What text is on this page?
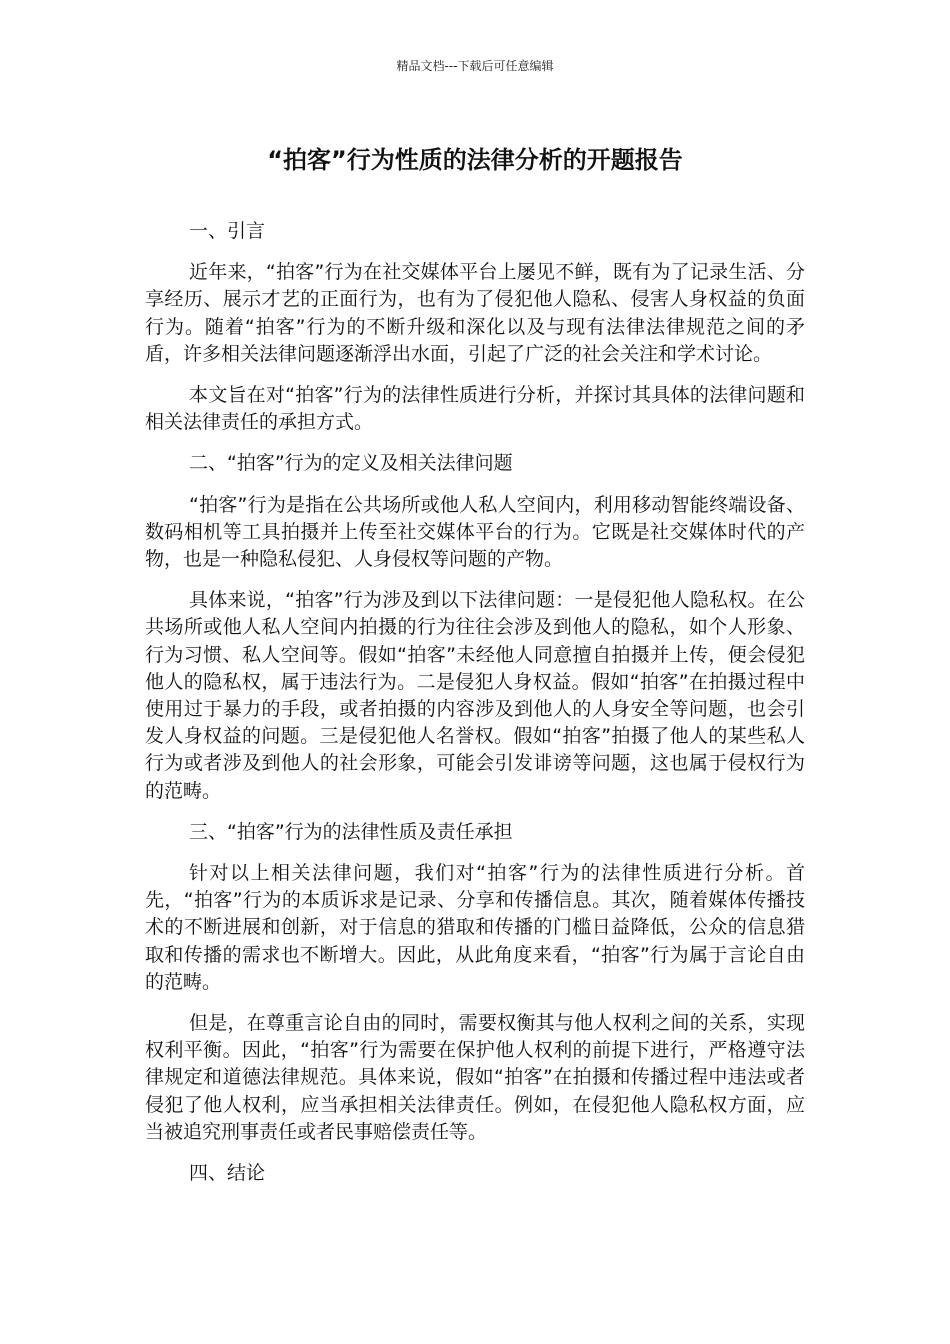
精品文档---下载后可任意编辑
“拍客”行为性质的法律分析的开题报告

一、引言

近年来，“拍客”行为在社交媒体平台上屡见不鲜，既有为了记录生活、分享经历、展示才艺的正面行为，也有为了侵犯他人隐私、侵害人身权益的负面行为。随着“拍客”行为的不断升级和深化以及与现有法律法律规范之间的矛盾，许多相关法律问题逐渐浮出水面，引起了广泛的社会关注和学术讨论。

本文旨在对“拍客”行为的法律性质进行分析，并探讨其具体的法律问题和相关法律责任的承担方式。

二、“拍客”行为的定义及相关法律问题

“拍客”行为是指在公共场所或他人私人空间内，利用移动智能终端设备、数码相机等工具拍摄并上传至社交媒体平台的行为。它既是社交媒体时代的产物，也是一种隐私侵犯、人身侵权等问题的产物。

具体来说，“拍客”行为涉及到以下法律问题：一是侵犯他人隐私权。在公共场所或他人私人空间内拍摄的行为往往会涉及到他人的隐私，如个人形象、行为习惯、私人空间等。假如“拍客”未经他人同意擅自拍摄并上传，便会侵犯他人的隐私权，属于违法行为。二是侵犯人身权益。假如“拍客”在拍摄过程中使用过于暴力的手段，或者拍摄的内容涉及到他人的人身安全等问题，也会引发人身权益的问题。三是侵犯他人名誉权。假如“拍客”拍摄了他人的某些私人行为或者涉及到他人的社会形象，可能会引发诽谤等问题，这也属于侵权行为的范畴。

三、“拍客”行为的法律性质及责任承担

针对以上相关法律问题，我们对“拍客”行为的法律性质进行分析。首先，“拍客”行为的本质诉求是记录、分享和传播信息。其次，随着媒体传播技术的不断进展和创新，对于信息的猎取和传播的门槛日益降低，公众的信息猎取和传播的需求也不断增大。因此，从此角度来看，“拍客”行为属于言论自由的范畴。

但是，在尊重言论自由的同时，需要权衡其与他人权利之间的关系，实现权利平衡。因此，“拍客”行为需要在保护他人权利的前提下进行，严格遵守法律规定和道德法律规范。具体来说，假如“拍客”在拍摄和传播过程中违法或者侵犯了他人权利，应当承担相关法律责任。例如，在侵犯他人隐私权方面，应当被追究刑事责任或者民事赔偿责任等。

四、结论
